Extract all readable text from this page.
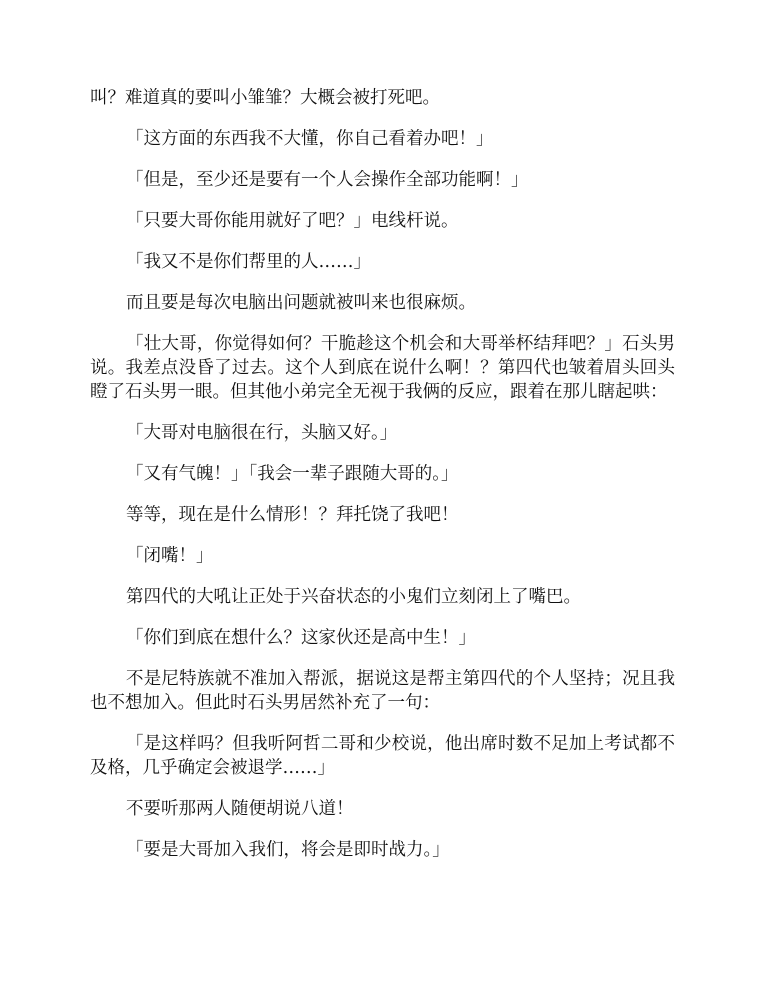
叫？难道真的要叫小雏雏？大概会被打死吧。

「这方面的东西我不大懂，你自己看着办吧！」

「但是，至少还是要有一个人会操作全部功能啊！」

「只要大哥你能用就好了吧？」电线杆说。

「我又不是你们帮里的人……」

而且要是每次电脑出问题就被叫来也很麻烦。

「壮大哥，你觉得如何？干脆趁这个机会和大哥举杯结拜吧？」石头男说。我差点没昏了过去。这个人到底在说什么啊！？第四代也皱着眉头回头瞪了石头男一眼。但其他小弟完全无视于我俩的反应，跟着在那儿瞎起哄：

「大哥对电脑很在行，头脑又好。」

「又有气魄！」「我会一辈子跟随大哥的。」

等等，现在是什么情形！？拜托饶了我吧！

「闭嘴！」

第四代的大吼让正处于兴奋状态的小鬼们立刻闭上了嘴巴。

「你们到底在想什么？这家伙还是高中生！」

不是尼特族就不准加入帮派，据说这是帮主第四代的个人坚持；况且我也不想加入。但此时石头男居然补充了一句：

「是这样吗？但我听阿哲二哥和少校说，他出席时数不足加上考试都不及格，几乎确定会被退学……」

不要听那两人随便胡说八道！

「要是大哥加入我们，将会是即时战力。」
